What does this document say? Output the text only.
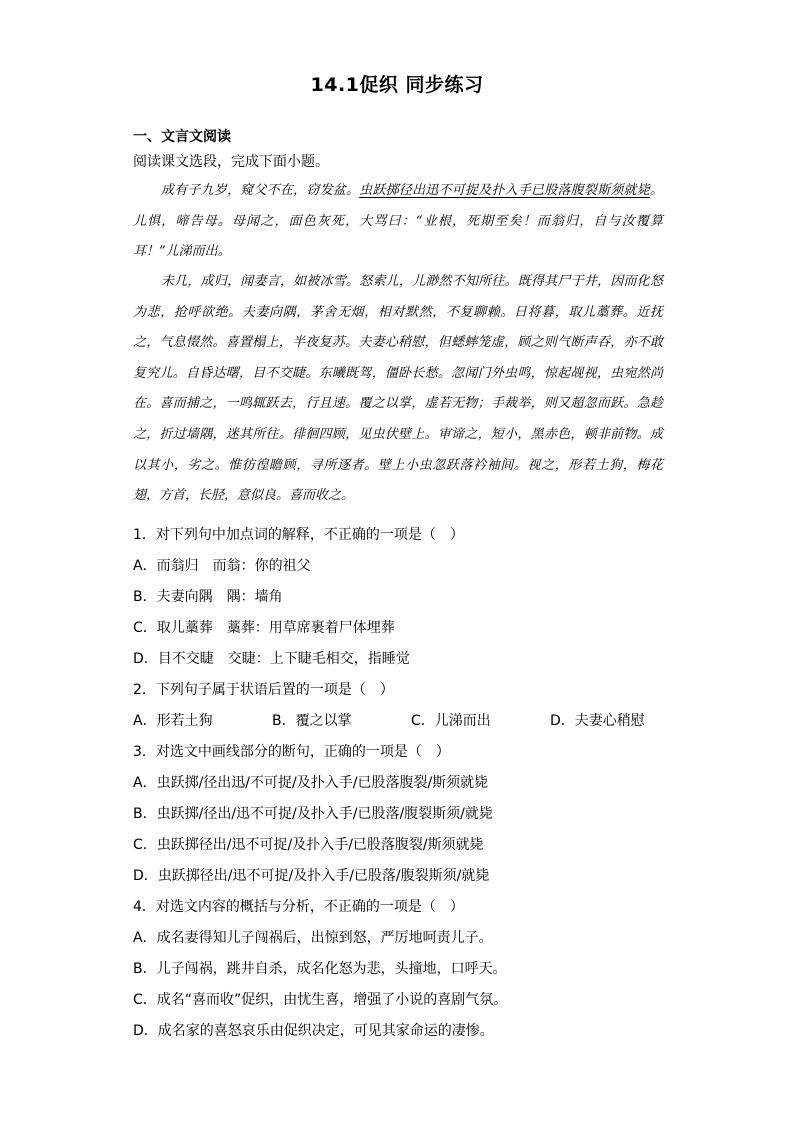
14.1促织 同步练习
一、文言文阅读
阅读课文选段，完成下面小题。

成有子九岁，窥父不在，窃发盆。虫跃掷径出迅不可捉及扑入手已股落腹裂斯须就毙。儿惧，啼告母。母闻之，面色灰死，大骂曰：“业根，死期至矣！而翁归，自与汝覆算耳！”儿涕而出。

未几，成归，闻妻言，如被冰雪。怒索儿，儿渺然不知所往。既得其尸于井，因而化怒为悲，抢呼欲绝。夫妻向隅，茅舍无烟，相对默然，不复聊赖。日将暮，取儿藁葬。近抚之，气息惙然。喜置榻上，半夜复苏。夫妻心稍慰，但蟋蟀笼虚，顾之则气断声吞，亦不敢复究儿。自昏达曙，目不交睫。东曦既驾，僵卧长愁。忽闻门外虫鸣，惊起觇视，虫宛然尚在。喜而捕之，一鸣辄跃去，行且速。覆之以掌，虚若无物；手裁举，则又超忽而跃。急趁之，折过墙隅，迷其所往。徘徊四顾，见虫伏壁上。审谛之，短小，黑赤色，顿非前物。成以其小，劣之。惟彷徨瞻顾，寻所逐者。壁上小虫忽跃落衿袖间。视之，形若土狗，梅花翅，方首，长胫，意似良。喜而收之。

1．对下列句中加点词的解释，不正确的一项是（　）
A．而翁归　而翁：你的祖父
B．夫妻向隅　隅：墙角
C．取儿藁葬　藁葬：用草席裹着尸体埋葬
D．目不交睫　交睫：上下睫毛相交，指睡觉
2．下列句子属于状语后置的一项是（　）
A．形若土狗	B．覆之以掌	C．儿涕而出	D．夫妻心稍慰
3．对选文中画线部分的断句，正确的一项是（　）
A．虫跃掷/径出迅/不可捉/及扑入手/已股落腹裂/斯须就毙
B．虫跃掷/径出/迅不可捉/及扑入手/已股落/腹裂斯须/就毙
C．虫跃掷径出/迅不可捉/及扑入手/已股落腹裂/斯须就毙
D．虫跃掷径出/迅不可捉/及扑入手/已股落/腹裂斯须/就毙
4．对选文内容的概括与分析，不正确的一项是（　）
A．成名妻得知儿子闯祸后，出惊到怒，严厉地呵责儿子。
B．儿子闯祸，跳井自杀，成名化怒为悲，头撞地，口呼天。
C．成名“喜而收”促织，由忧生喜，增强了小说的喜剧气氛。
D．成名家的喜怒哀乐由促织决定，可见其家命运的凄惨。
